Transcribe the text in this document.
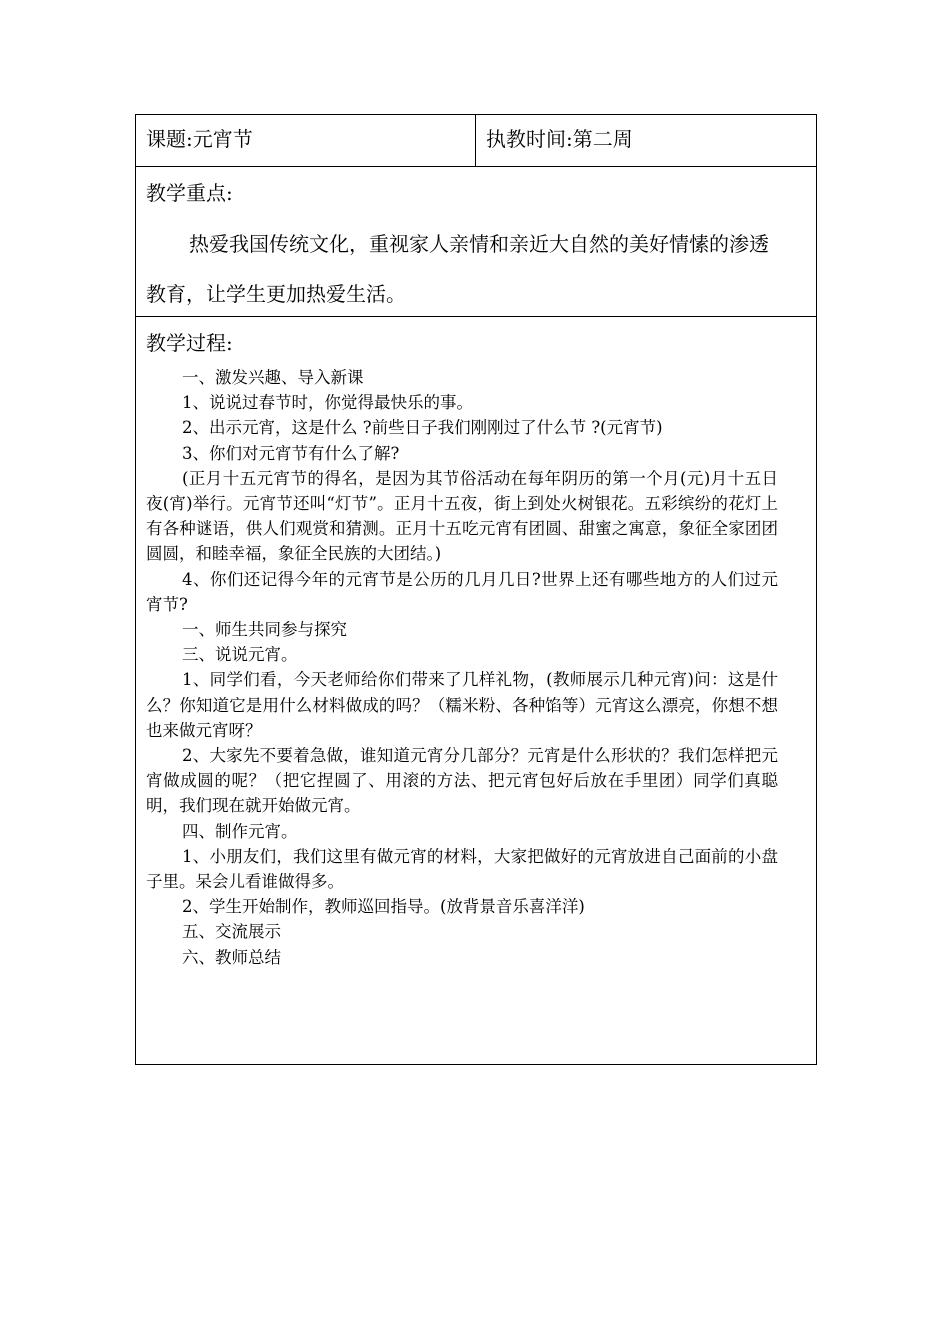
课题:元宵节	执教时间:第二周
教学重点:
热爱我国传统文化，重视家人亲情和亲近大自然的美好情愫的渗透教育，让学生更加热爱生活。
教学过程:

一、激发兴趣、导入新课

1、说说过春节时，你觉得最快乐的事。

2、出示元宵，这是什么 ?前些日子我们刚刚过了什么节 ?(元宵节)

3、你们对元宵节有什么了解?

(正月十五元宵节的得名，是因为其节俗活动在每年阴历的第一个月(元)月十五日夜(宵)举行。元宵节还叫“灯节”。正月十五夜，街上到处火树银花。五彩缤纷的花灯上有各种谜语，供人们观赏和猜测。正月十五吃元宵有团圆、甜蜜之寓意，象征全家团团圆圆，和睦幸福，象征全民族的大团结。)

4、你们还记得今年的元宵节是公历的几月几日?世界上还有哪些地方的人们过元宵节?

一、师生共同参与探究

三、说说元宵。

1、同学们看，今天老师给你们带来了几样礼物，(教师展示几种元宵)问：这是什么？你知道它是用什么材料做成的吗？（糯米粉、各种馅等）元宵这么漂亮，你想不想也来做元宵呀？

2、大家先不要着急做，谁知道元宵分几部分？元宵是什么形状的？我们怎样把元宵做成圆的呢？（把它捏圆了、用滚的方法、把元宵包好后放在手里团）同学们真聪明，我们现在就开始做元宵。

四、制作元宵。

1、小朋友们，我们这里有做元宵的材料，大家把做好的元宵放进自己面前的小盘子里。呆会儿看谁做得多。

2、学生开始制作，教师巡回指导。(放背景音乐喜洋洋)

五、交流展示

六、教师总结
